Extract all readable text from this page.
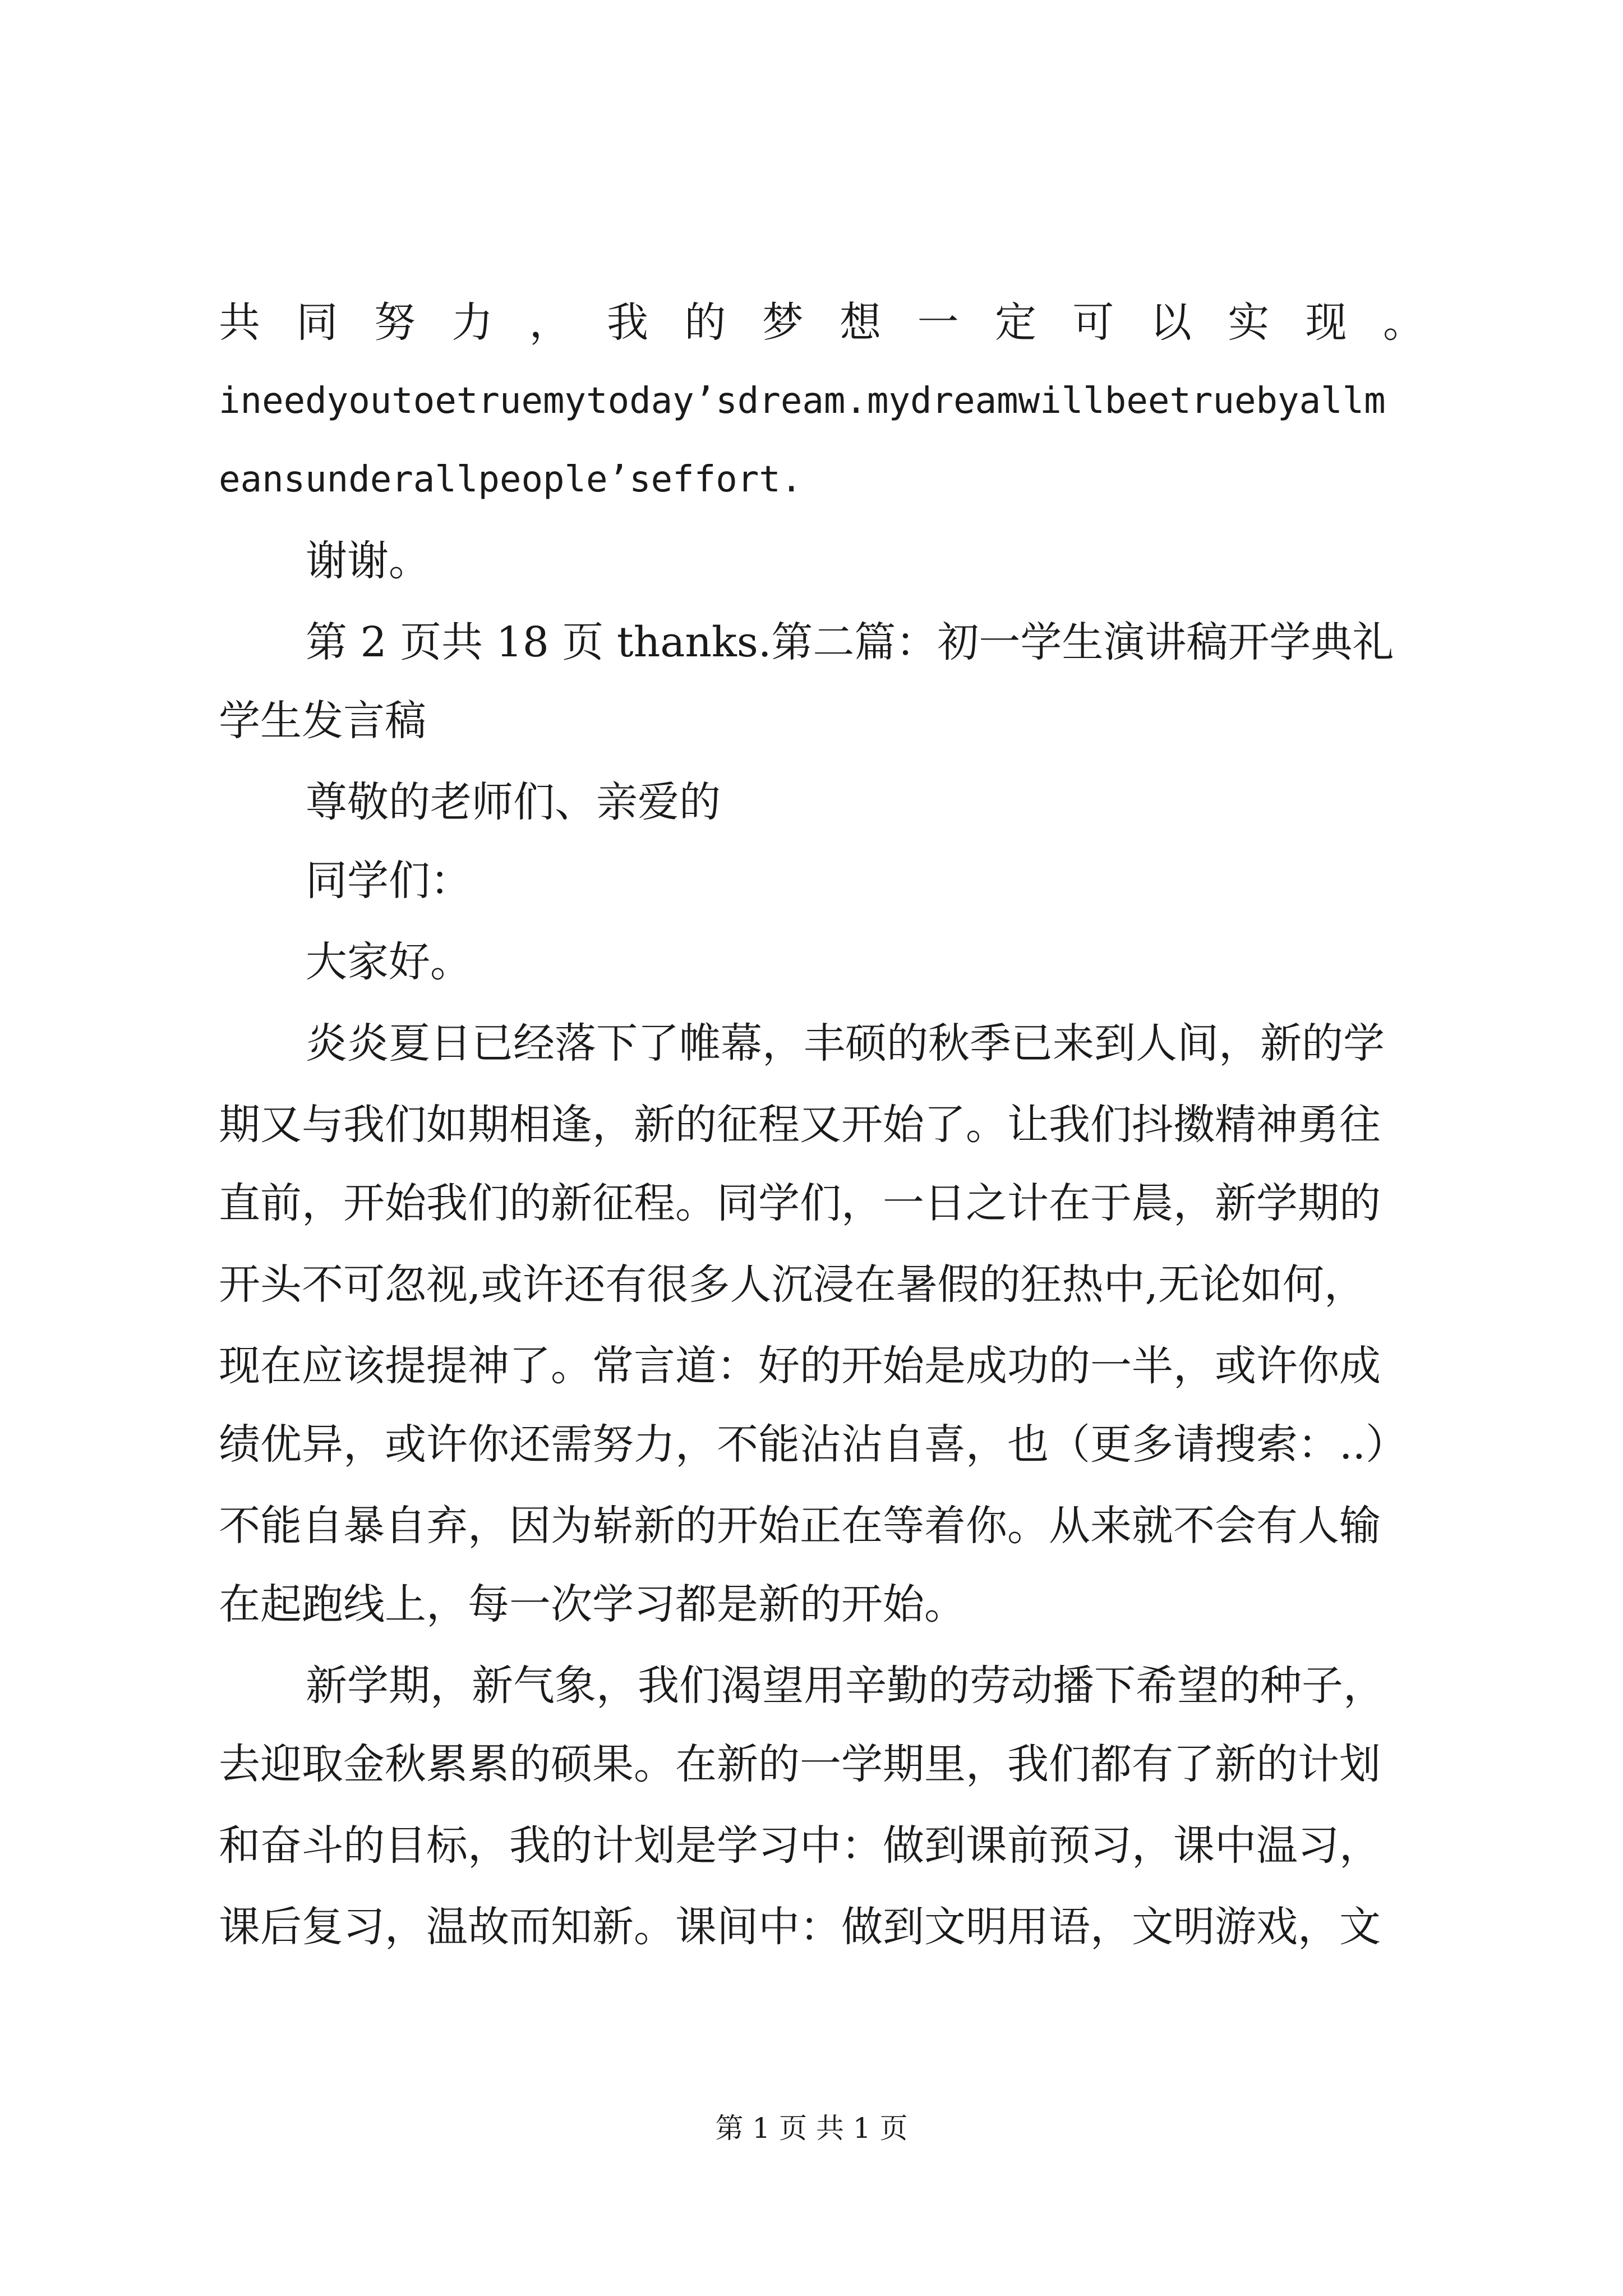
共 同 努 力 ， 我 的 梦 想 一 定 可 以 实 现 。
ineedyoutoetruemytoday’sdream.mydreamwillbeetruebyallm
eansunderallpeople’seffort.
谢谢。
第 2 页共 18 页 thanks.第二篇：初一学生演讲稿开学典礼
学生发言稿
尊敬的老师们、亲爱的
同学们：
大家好。
炎炎夏日已经落下了帷幕，丰硕的秋季已来到人间，新的学
期又与我们如期相逢，新的征程又开始了。让我们抖擞精神勇往
直前，开始我们的新征程。同学们，一日之计在于晨，新学期的
开头不可忽视,或许还有很多人沉浸在暑假的狂热中,无论如何，
现在应该提提神了。常言道：好的开始是成功的一半，或许你成
绩优异，或许你还需努力，不能沾沾自喜，也（更多请搜索：..）
不能自暴自弃，因为崭新的开始正在等着你。从来就不会有人输
在起跑线上，每一次学习都是新的开始。
新学期，新气象，我们渴望用辛勤的劳动播下希望的种子，
去迎取金秋累累的硕果。在新的一学期里，我们都有了新的计划
和奋斗的目标，我的计划是学习中：做到课前预习，课中温习，
课后复习，温故而知新。课间中：做到文明用语，文明游戏，文
第 1 页 共 1 页
